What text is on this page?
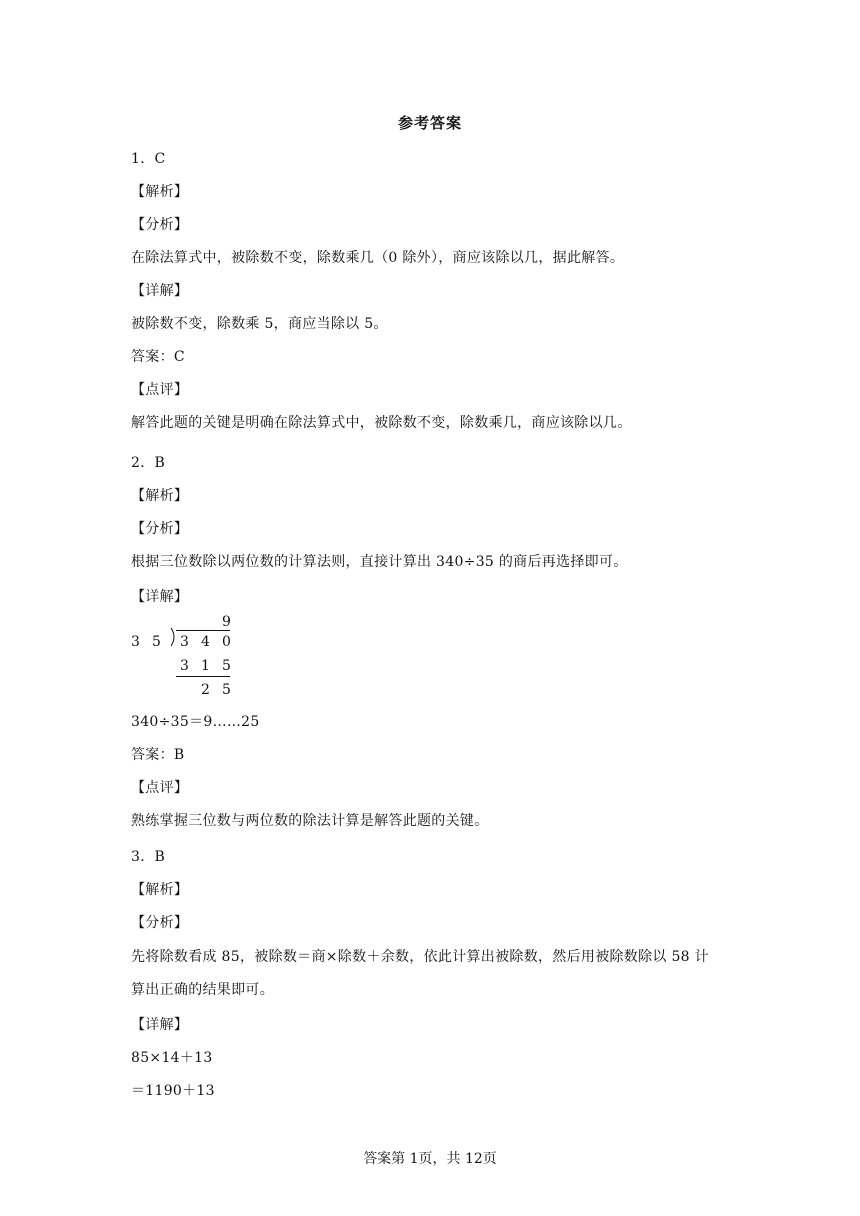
参考答案
1．C
【解析】
【分析】
在除法算式中，被除数不变，除数乘几（0 除外），商应该除以几，据此解答。
【详解】
被除数不变，除数乘 5，商应当除以 5。
答案：C
【点评】
解答此题的关键是明确在除法算式中，被除数不变，除数乘几，商应该除以几。
2．B
【解析】
【分析】
根据三位数除以两位数的计算法则，直接计算出 340÷35 的商后再选择即可。
【详解】
9
3 5 3 4 0
3 1 5
2 5
340÷35＝9……25
答案：B
【点评】
熟练掌握三位数与两位数的除法计算是解答此题的关键。
3．B
【解析】
【分析】
先将除数看成 85，被除数＝商×除数＋余数，依此计算出被除数，然后用被除数除以 58 计
算出正确的结果即可。
【详解】
85×14＋13
＝1190＋13
答案第 1页，共 12页
